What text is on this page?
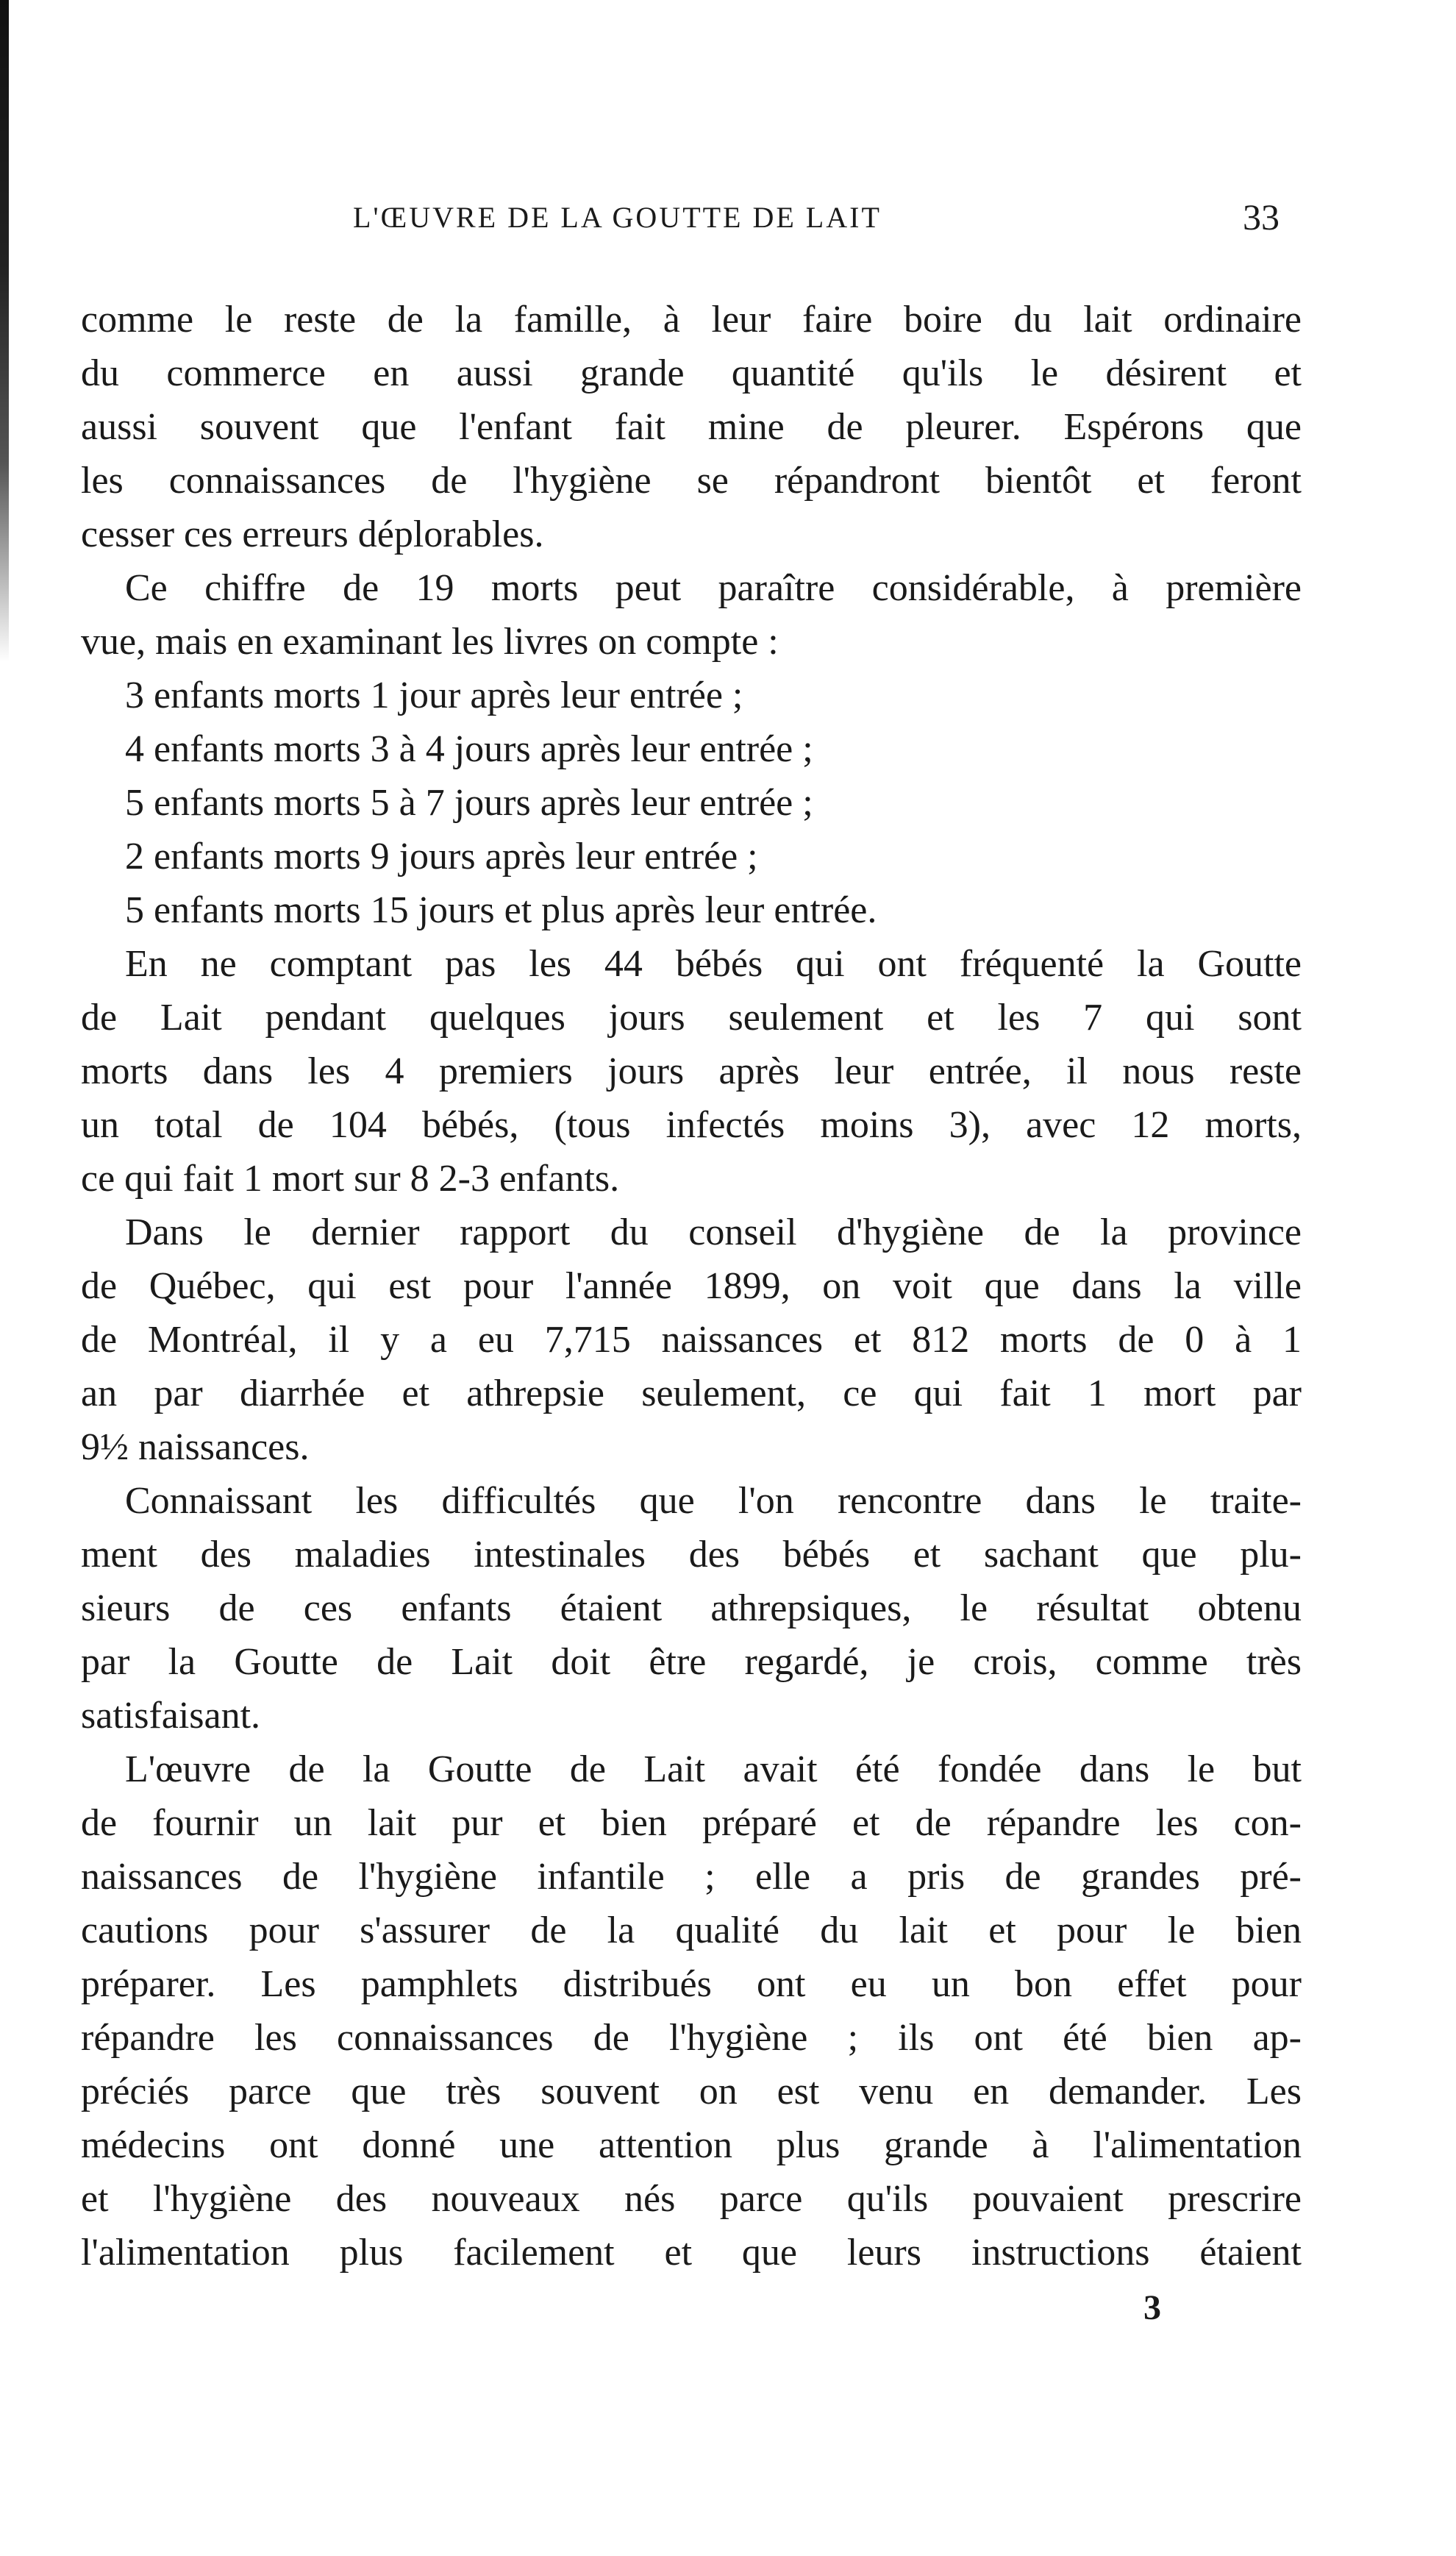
L'ŒUVRE DE LA GOUTTE DE LAIT	33
comme le reste de la famille, à leur faire boire du lait ordinaire
du commerce en aussi grande quantité qu'ils le désirent et
aussi souvent que l'enfant fait mine de pleurer. Espérons que
les connaissances de l'hygiène se répandront bientôt et feront
cesser ces erreurs déplorables.
Ce chiffre de 19 morts peut paraître considérable, à première
vue, mais en examinant les livres on compte :
3 enfants morts 1 jour après leur entrée ;
4 enfants morts 3 à 4 jours après leur entrée ;
5 enfants morts 5 à 7 jours après leur entrée ;
2 enfants morts 9 jours après leur entrée ;
5 enfants morts 15 jours et plus après leur entrée.
En ne comptant pas les 44 bébés qui ont fréquenté la Goutte
de Lait pendant quelques jours seulement et les 7 qui sont
morts dans les 4 premiers jours après leur entrée, il nous reste
un total de 104 bébés, (tous infectés moins 3), avec 12 morts,
ce qui fait 1 mort sur 8 2-3 enfants.
Dans le dernier rapport du conseil d'hygiène de la province
de Québec, qui est pour l'année 1899, on voit que dans la ville
de Montréal, il y a eu 7,715 naissances et 812 morts de 0 à 1
an par diarrhée et athrepsie seulement, ce qui fait 1 mort par
9½ naissances.
Connaissant les difficultés que l'on rencontre dans le traite-
ment des maladies intestinales des bébés et sachant que plu-
sieurs de ces enfants étaient athrepsiques, le résultat obtenu
par la Goutte de Lait doit être regardé, je crois, comme très
satisfaisant.
L'œuvre de la Goutte de Lait avait été fondée dans le but
de fournir un lait pur et bien préparé et de répandre les con-
naissances de l'hygiène infantile ; elle a pris de grandes pré-
cautions pour s'assurer de la qualité du lait et pour le bien
préparer. Les pamphlets distribués ont eu un bon effet pour
répandre les connaissances de l'hygiène ; ils ont été bien ap-
préciés parce que très souvent on est venu en demander. Les
médecins ont donné une attention plus grande à l'alimentation
et l'hygiène des nouveaux nés parce qu'ils pouvaient prescrire
l'alimentation plus facilement et que leurs instructions étaient
3
